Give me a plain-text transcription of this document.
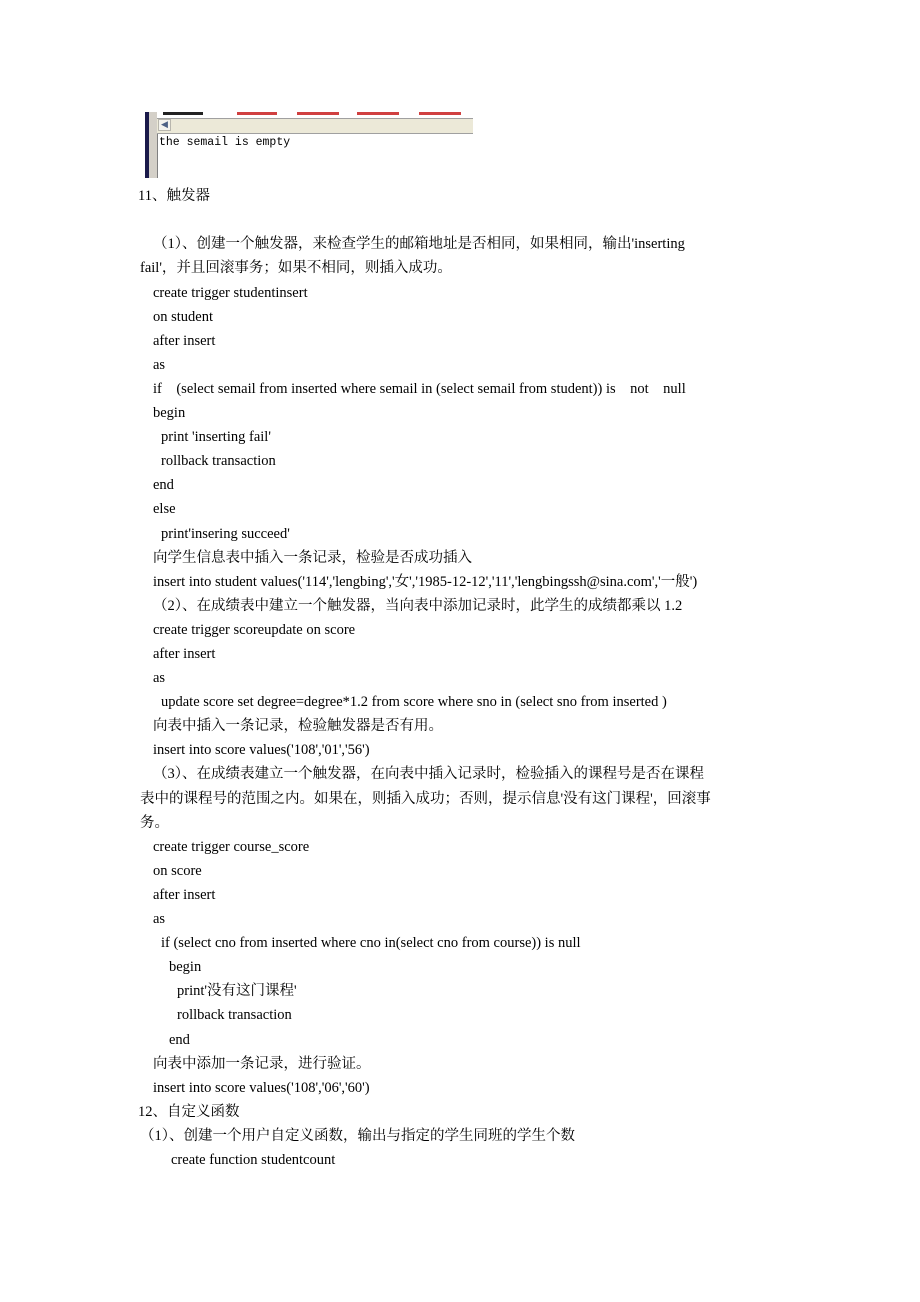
◀
the semail is empty
11、触发器
（1）、创建一个触发器，来检查学生的邮箱地址是否相同，如果相同，输出'inserting
fail'，并且回滚事务；如果不相同，则插入成功。
create trigger studentinsert
on student
after insert
as
if　(select semail from inserted where semail in (select semail from student)) is　not　null
begin
print 'inserting fail'
rollback transaction
end
else
print'insering succeed'
向学生信息表中插入一条记录，检验是否成功插入
insert into student values('114','lengbing','女','1985-12-12','11','lengbingssh@sina.com','一般')
（2）、在成绩表中建立一个触发器，当向表中添加记录时，此学生的成绩都乘以 1.2
create trigger scoreupdate on score
after insert
as
update score set degree=degree*1.2 from score where sno in (select sno from inserted )
向表中插入一条记录，检验触发器是否有用。
insert into score values('108','01','56')
（3）、在成绩表建立一个触发器，在向表中插入记录时，检验插入的课程号是否在课程
表中的课程号的范围之内。如果在，则插入成功；否则，提示信息'没有这门课程'，回滚事
务。
create trigger course_score
on score
after insert
as
if (select cno from inserted where cno in(select cno from course)) is null
begin
print'没有这门课程'
rollback transaction
end
向表中添加一条记录，进行验证。
insert into score values('108','06','60')
12、自定义函数
（1）、创建一个用户自定义函数，输出与指定的学生同班的学生个数
create function studentcount
